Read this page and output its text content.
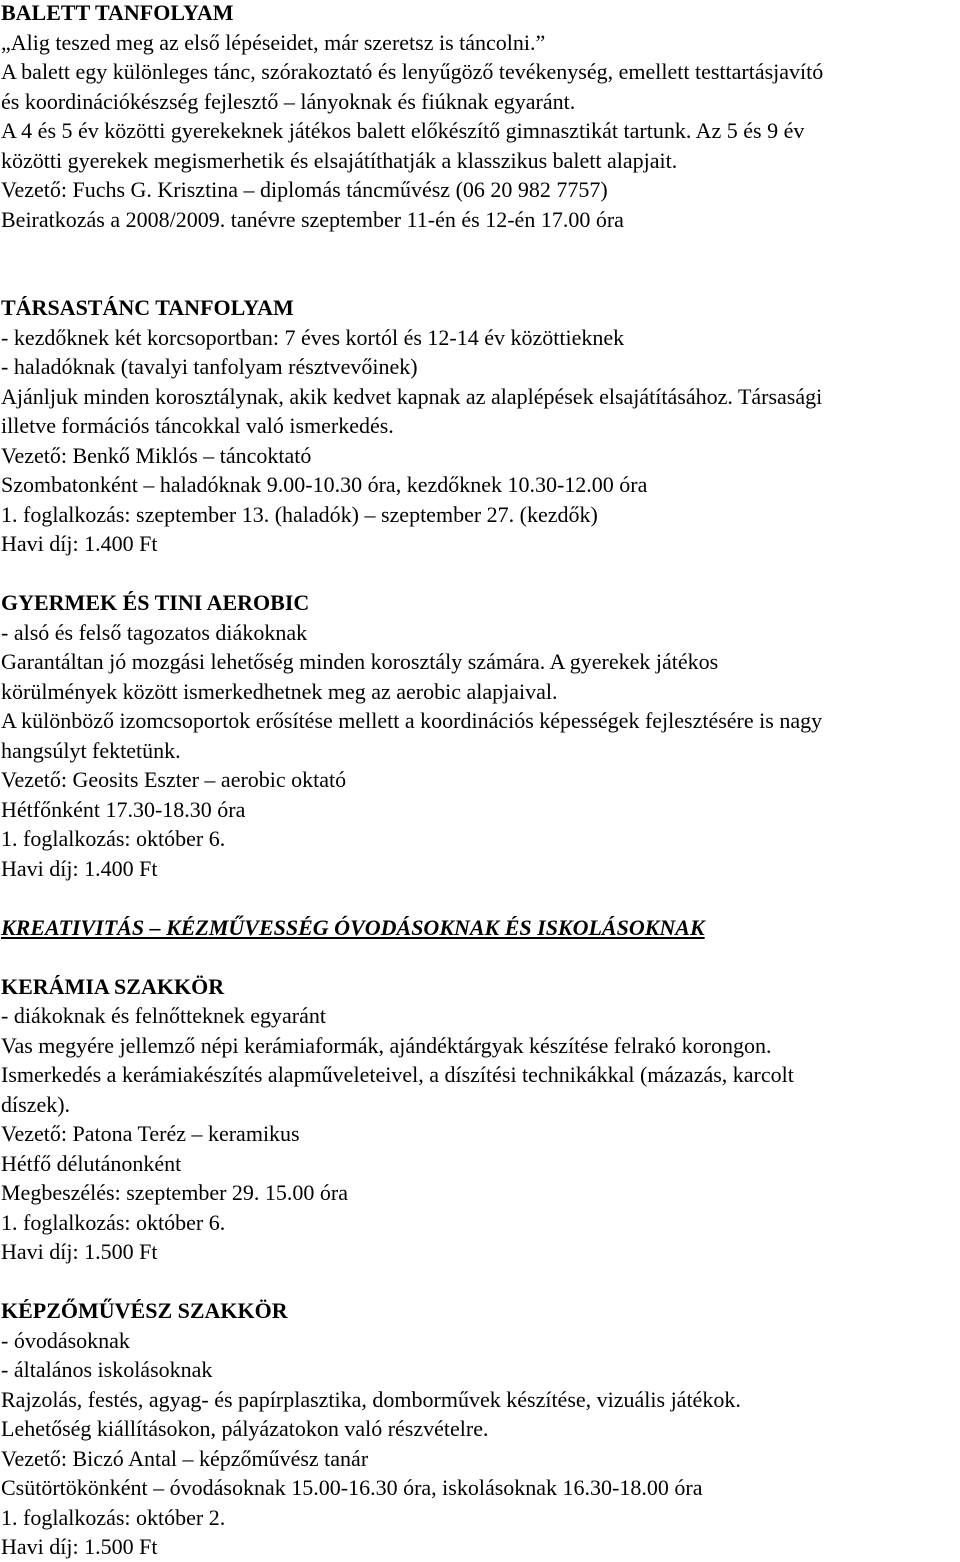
BALETT TANFOLYAM
„Alig teszed meg az első lépéseidet, már szeretsz is táncolni.”
A balett egy különleges tánc, szórakoztató és lenyűgöző tevékenység, emellett testtartásjavító
és koordinációkészség fejlesztő – lányoknak és fiúknak egyaránt.
A 4 és 5 év közötti gyerekeknek játékos balett előkészítő gimnasztikát tartunk. Az 5 és 9 év
közötti gyerekek megismerhetik és elsajátíthatják a klasszikus balett alapjait.
Vezető: Fuchs G. Krisztina – diplomás táncművész (06 20 982 7757)
Beiratkozás a 2008/2009. tanévre szeptember 11-én és 12-én 17.00 óra
TÁRSASTÁNC TANFOLYAM
- kezdőknek két korcsoportban: 7 éves kortól és 12-14 év közöttieknek
- haladóknak (tavalyi tanfolyam résztvevőinek)
Ajánljuk minden korosztálynak, akik kedvet kapnak az alaplépések elsajátításához. Társasági
illetve formációs táncokkal való ismerkedés.
Vezető: Benkő Miklós – táncoktató
Szombatonként – haladóknak 9.00-10.30 óra, kezdőknek 10.30-12.00 óra
1. foglalkozás: szeptember 13. (haladók) – szeptember 27. (kezdők)
Havi díj: 1.400 Ft
GYERMEK ÉS TINI AEROBIC
- alsó és felső tagozatos diákoknak
Garantáltan jó mozgási lehetőség minden korosztály számára. A gyerekek játékos
körülmények között ismerkedhetnek meg az aerobic alapjaival.
A különböző izomcsoportok erősítése mellett a koordinációs képességek fejlesztésére is nagy
hangsúlyt fektetünk.
Vezető: Geosits Eszter – aerobic oktató
Hétfőnként 17.30-18.30 óra
1. foglalkozás: október 6.
Havi díj: 1.400 Ft
KREATIVITÁS – KÉZMŰVESSÉG ÓVODÁSOKNAK ÉS ISKOLÁSOKNAK
KERÁMIA SZAKKÖR
- diákoknak és felnőtteknek egyaránt
Vas megyére jellemző népi kerámiaformák, ajándéktárgyak készítése felrakó korongon.
Ismerkedés a kerámiakészítés alapműveleteivel, a díszítési technikákkal (mázazás, karcolt
díszek).
Vezető: Patona Teréz – keramikus
Hétfő délutánonként
Megbeszélés: szeptember 29. 15.00 óra
1. foglalkozás: október 6.
Havi díj: 1.500 Ft
KÉPZŐMŰVÉSZ SZAKKÖR
- óvodásoknak
- általános iskolásoknak
Rajzolás, festés, agyag- és papírplasztika, domborművek készítése, vizuális játékok.
Lehetőség kiállításokon, pályázatokon való részvételre.
Vezető: Biczó Antal – képzőművész tanár
Csütörtökönként – óvodásoknak 15.00-16.30 óra, iskolásoknak 16.30-18.00 óra
1. foglalkozás: október 2.
Havi díj: 1.500 Ft
